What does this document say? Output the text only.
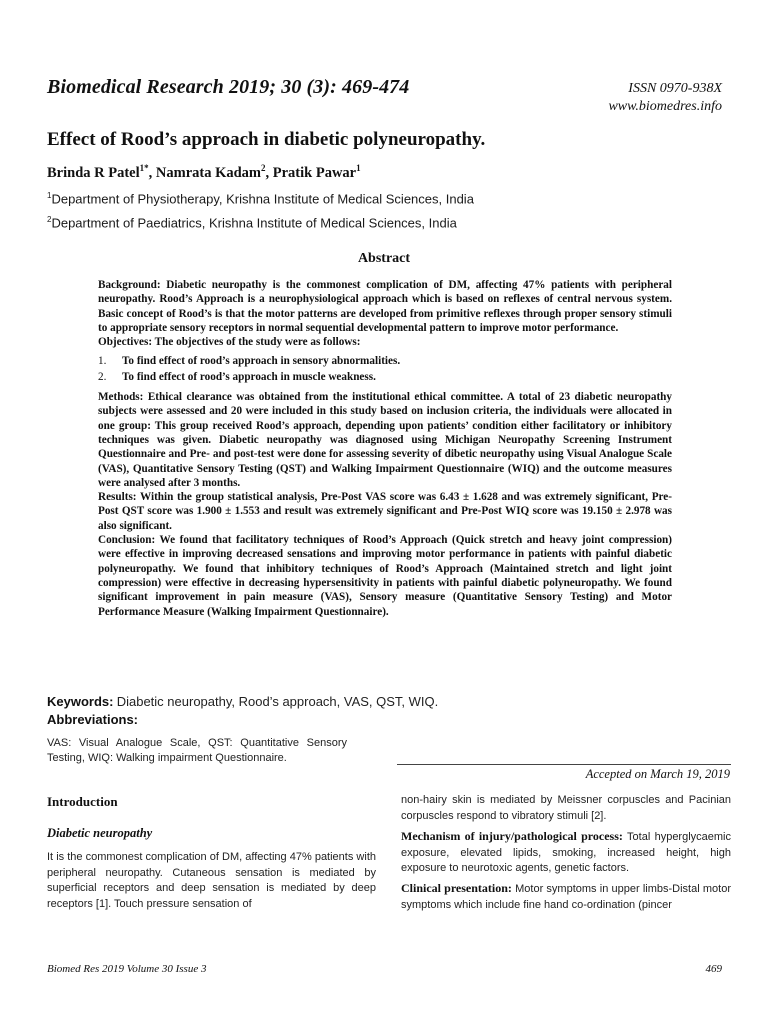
Biomedical Research 2019; 30 (3): 469-474	ISSN 0970-938X
www.biomedres.info
Effect of Rood’s approach in diabetic polyneuropathy.
Brinda R Patel$^{1*}$, Namrata Kadam$^2$, Pratik Pawar$^1$
$^1$Department of Physiotherapy, Krishna Institute of Medical Sciences, India
$^2$Department of Paediatrics, Krishna Institute of Medical Sciences, India
Abstract

Background: Diabetic neuropathy is the commonest complication of DM, affecting 47% patients with peripheral neuropathy. Rood’s Approach is a neurophysiological approach which is based on reflexes of central nervous system. Basic concept of Rood’s is that the motor patterns are developed from primitive reflexes through proper sensory stimuli to appropriate sensory receptors in normal sequential developmental pattern to improve motor performance.

Objectives: The objectives of the study were as follows:

1.	To find effect of rood’s approach in sensory abnormalities.
2.	To find effect of rood’s approach in muscle weakness.

Methods: Ethical clearance was obtained from the institutional ethical committee. A total of 23 diabetic neuropathy subjects were assessed and 20 were included in this study based on inclusion criteria, the individuals were allocated in one group: This group received Rood’s approach, depending upon patients’ condition either facilitatory or inhibitory techniques was given. Diabetic neuropathy was diagnosed using Michigan Neuropathy Screening Instrument Questionnaire and Pre- and post-test were done for assessing severity of dibetic neuropathy using Visual Analogue Scale (VAS), Quantitative Sensory Testing (QST) and Walking Impairment Questionnaire (WIQ) and the outcome measures were analysed after 3 months.

Results: Within the group statistical analysis, Pre-Post VAS score was 6.43 ± 1.628 and was extremely significant, Pre-Post QST score was 1.900 ± 1.553 and result was extremely significant and Pre-Post WIQ score was 19.150 ± 2.978 was also significant.

Conclusion: We found that facilitatory techniques of Rood’s Approach (Quick stretch and heavy joint compression) were effective in improving decreased sensations and improving motor performance in patients with painful diabetic polyneuropathy. We found that inhibitory techniques of Rood’s Approach (Maintained stretch and light joint compression) were effective in decreasing hypersensitivity in patients with painful diabetic polyneuropathy. We found significant improvement in pain measure (VAS), Sensory measure (Quantitative Sensory Testing) and Motor Performance Measure (Walking Impairment Questionnaire).

Keywords: Diabetic neuropathy, Rood’s approach, VAS, QST, WIQ.
Abbreviations:
VAS: Visual Analogue Scale, QST: Quantitative Sensory Testing, WIQ: Walking impairment Questionnaire.
Accepted on March 19, 2019
Introduction
Diabetic neuropathy
It is the commonest complication of DM, affecting 47% patients with peripheral neuropathy. Cutaneous sensation is mediated by superficial receptors and deep sensation is mediated by deep receptors [1]. Touch pressure sensation of
non-hairy skin is mediated by Meissner corpuscles and Pacinian corpuscles respond to vibratory stimuli [2].
Mechanism of injury/pathological process: Total hyperglycaemic exposure, elevated lipids, smoking, increased height, high exposure to neurotoxic agents, genetic factors.
Clinical presentation: Motor symptoms in upper limbs-Distal motor symptoms which include fine hand co-ordination (pincer
Biomed Res 2019 Volume 30 Issue 3	469
